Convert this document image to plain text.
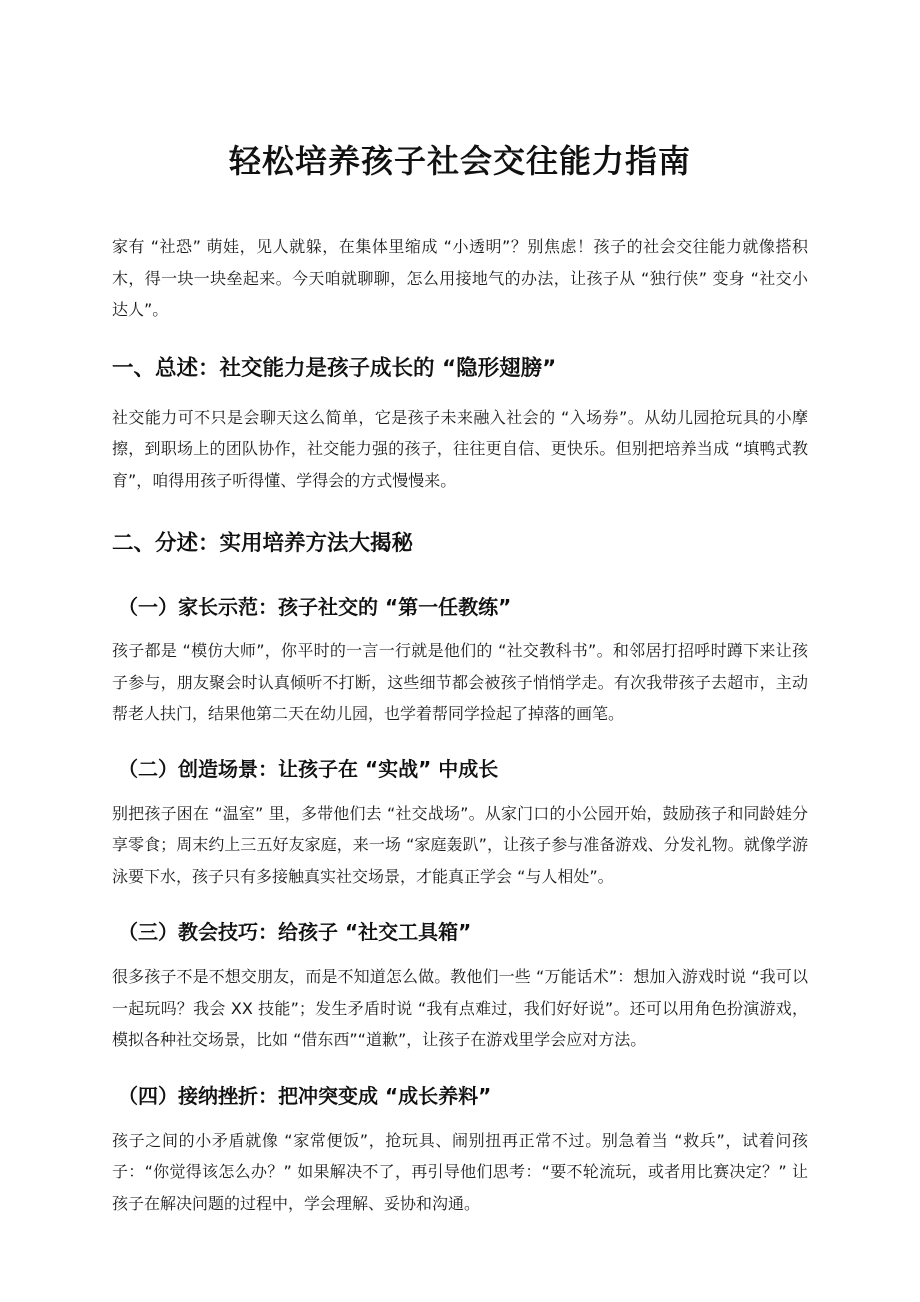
轻松培养孩子社会交往能力指南

家有 “社恐” 萌娃，见人就躲，在集体里缩成 “小透明”？别焦虑！孩子的社会交往能力就像搭积木，得一块一块垒起来。今天咱就聊聊，怎么用接地气的办法，让孩子从 “独行侠” 变身 “社交小达人”。

一、总述：社交能力是孩子成长的 “隐形翅膀”

社交能力可不只是会聊天这么简单，它是孩子未来融入社会的 “入场券”。从幼儿园抢玩具的小摩擦，到职场上的团队协作，社交能力强的孩子，往往更自信、更快乐。但别把培养当成 “填鸭式教育”，咱得用孩子听得懂、学得会的方式慢慢来。

二、分述：实用培养方法大揭秘
（一）家长示范：孩子社交的 “第一任教练”

孩子都是 “模仿大师”，你平时的一言一行就是他们的 “社交教科书”。和邻居打招呼时蹲下来让孩子参与，朋友聚会时认真倾听不打断，这些细节都会被孩子悄悄学走。有次我带孩子去超市，主动帮老人扶门，结果他第二天在幼儿园，也学着帮同学捡起了掉落的画笔。

（二）创造场景：让孩子在 “实战” 中成长

别把孩子困在 “温室” 里，多带他们去 “社交战场”。从家门口的小公园开始，鼓励孩子和同龄娃分享零食；周末约上三五好友家庭，来一场 “家庭轰趴”，让孩子参与准备游戏、分发礼物。就像学游泳要下水，孩子只有多接触真实社交场景，才能真正学会 “与人相处”。

（三）教会技巧：给孩子 “社交工具箱”

很多孩子不是不想交朋友，而是不知道怎么做。教他们一些 “万能话术”：想加入游戏时说 “我可以一起玩吗？我会 XX 技能”；发生矛盾时说 “我有点难过，我们好好说”。还可以用角色扮演游戏，模拟各种社交场景，比如 “借东西”“道歉”，让孩子在游戏里学会应对方法。

（四）接纳挫折：把冲突变成 “成长养料”

孩子之间的小矛盾就像 “家常便饭”，抢玩具、闹别扭再正常不过。别急着当 “救兵”，试着问孩子：“你觉得该怎么办？” 如果解决不了，再引导他们思考：“要不轮流玩，或者用比赛决定？” 让孩子在解决问题的过程中，学会理解、妥协和沟通。
